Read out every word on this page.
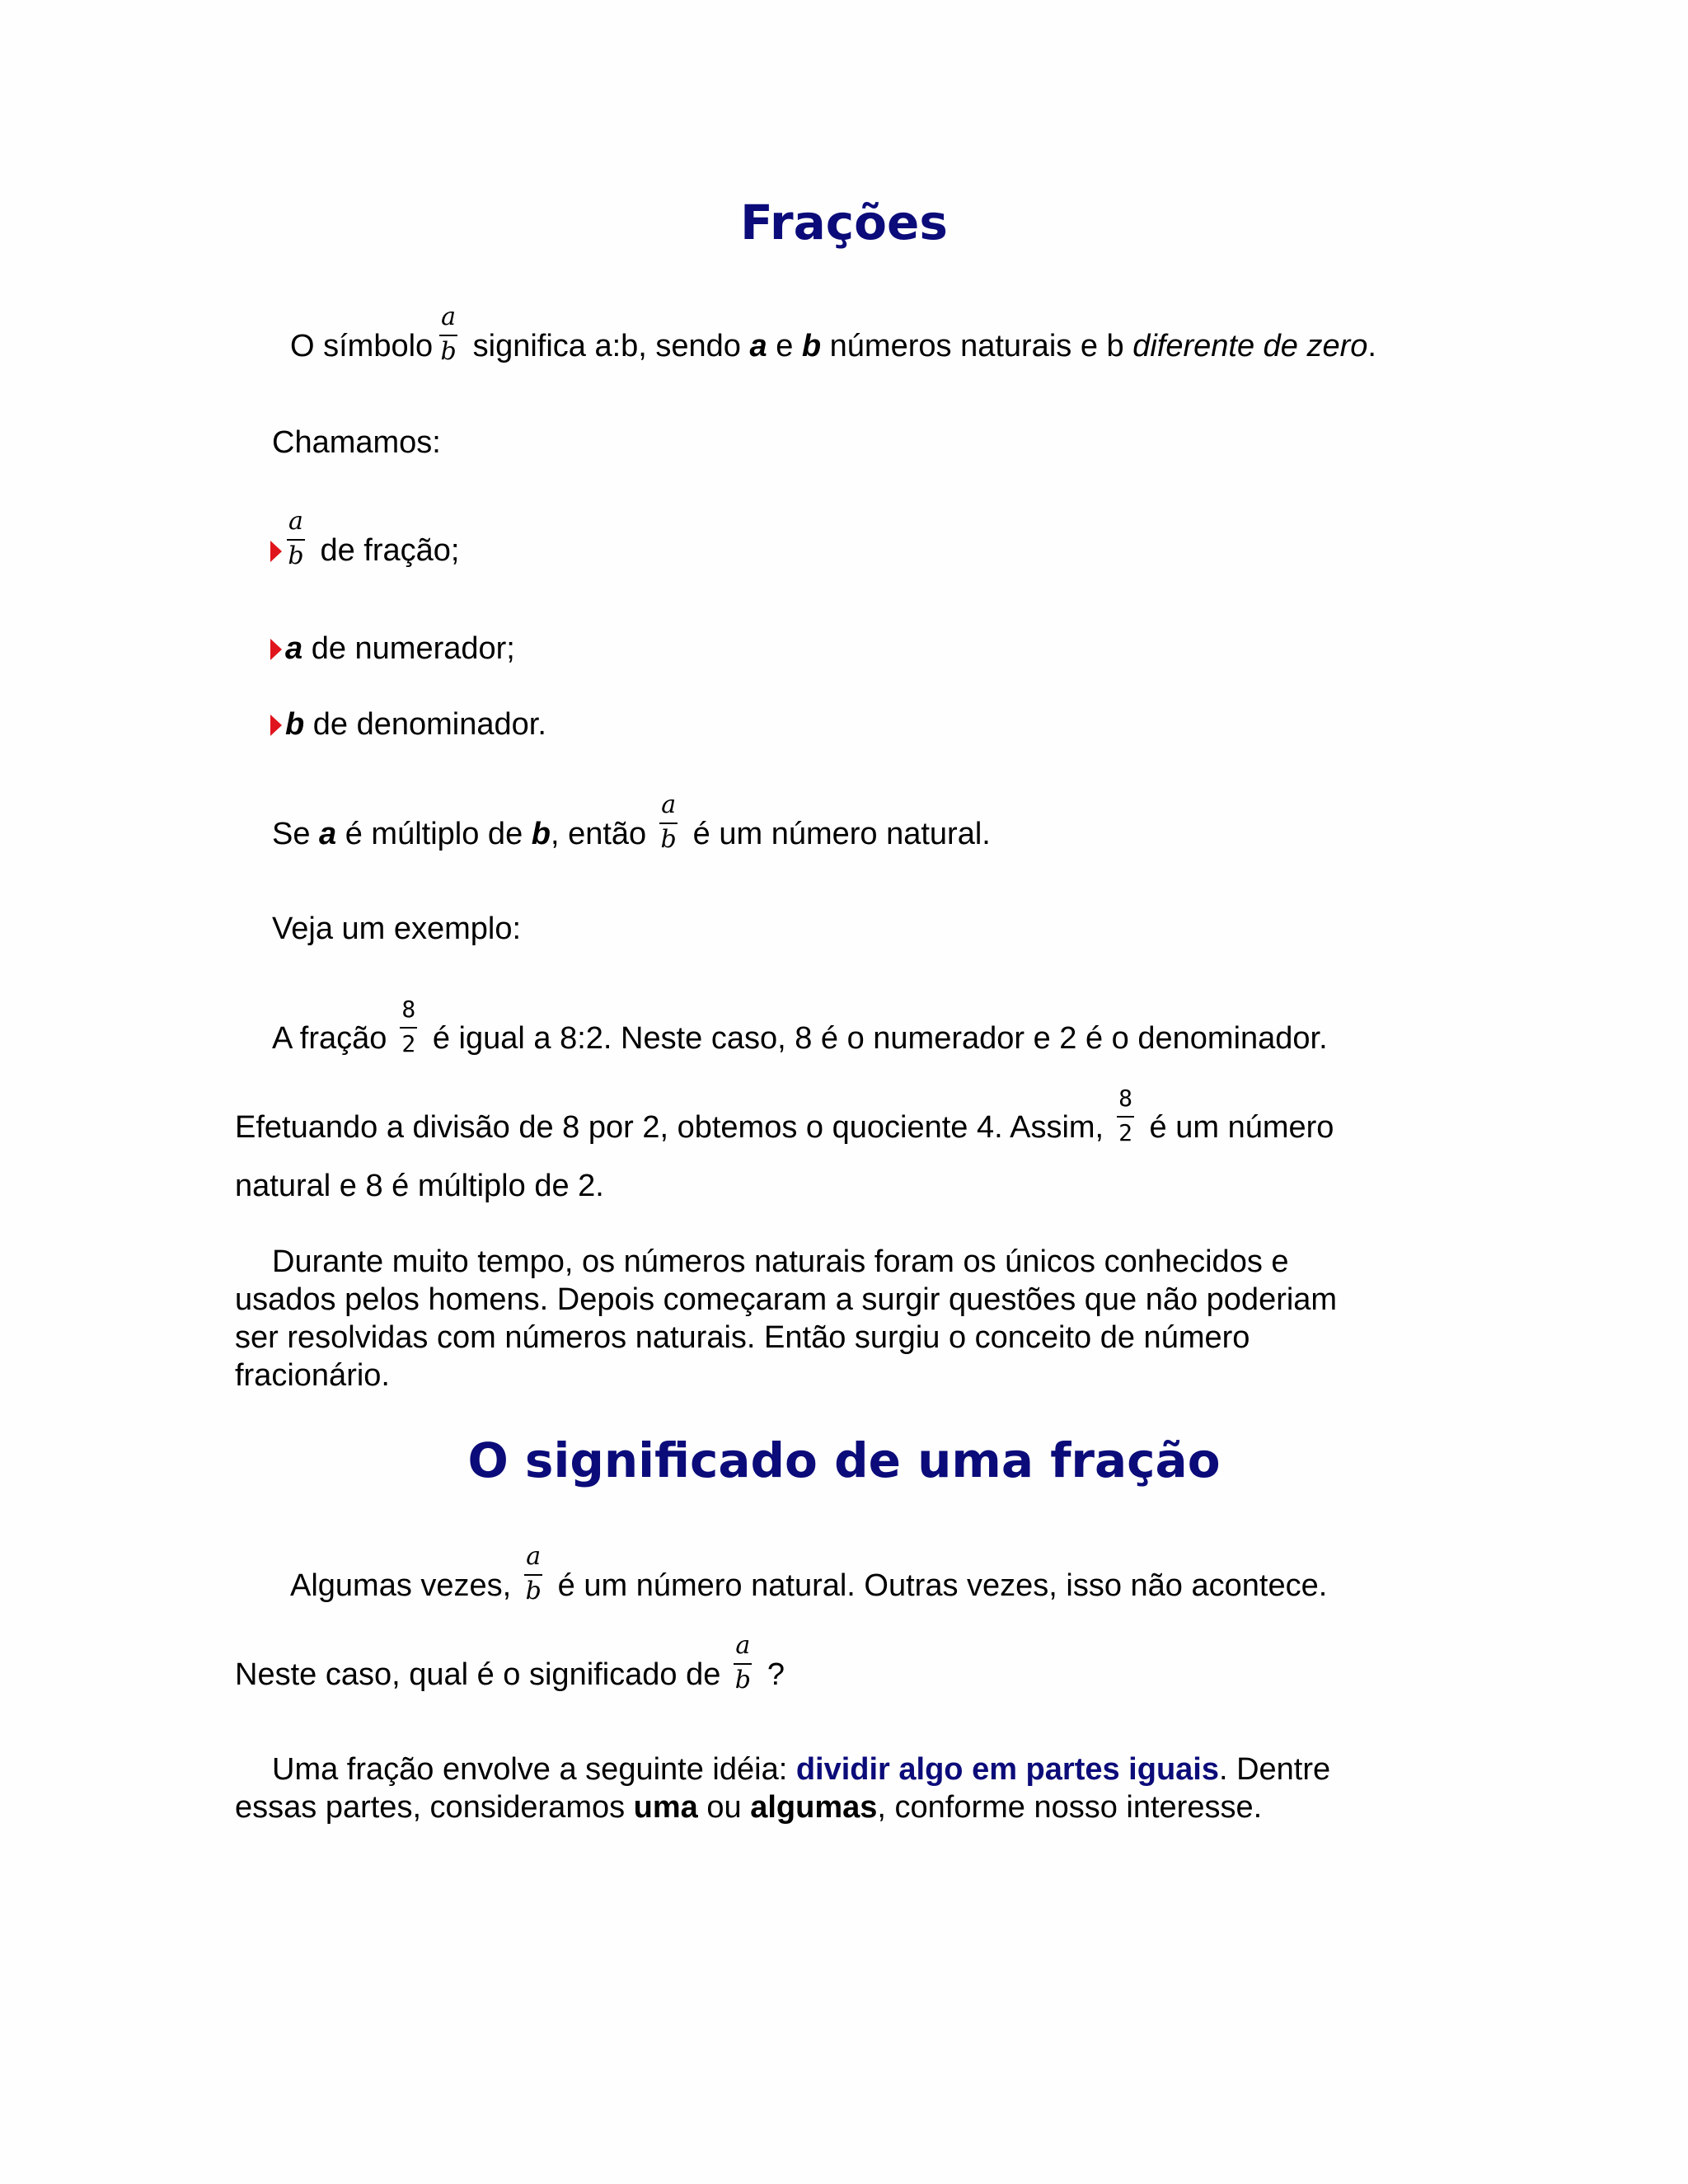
Frações
O símbolo $\frac{a}{b}$ significa a:b, sendo a e b números naturais e b diferente de zero.
Chamamos:
$\frac{a}{b}$ de fração;
a de numerador;
b de denominador.
Se a é múltiplo de b, então $\frac{a}{b}$ é um número natural.
Veja um exemplo:
A fração $\frac{8}{2}$ é igual a 8:2. Neste caso, 8 é o numerador e 2 é o denominador.
Efetuando a divisão de 8 por 2, obtemos o quociente 4. Assim, $\frac{8}{2}$ é um número
natural e 8 é múltiplo de 2.
Durante muito tempo, os números naturais foram os únicos conhecidos e
usados pelos homens. Depois começaram a surgir questões que não poderiam
ser resolvidas com números naturais. Então surgiu o conceito de número
fracionário.
O significado de uma fração
Algumas vezes, $\frac{a}{b}$ é um número natural. Outras vezes, isso não acontece.
Neste caso, qual é o significado de $\frac{a}{b}$ ?
Uma fração envolve a seguinte idéia: dividir algo em partes iguais. Dentre
essas partes, consideramos uma ou algumas, conforme nosso interesse.
